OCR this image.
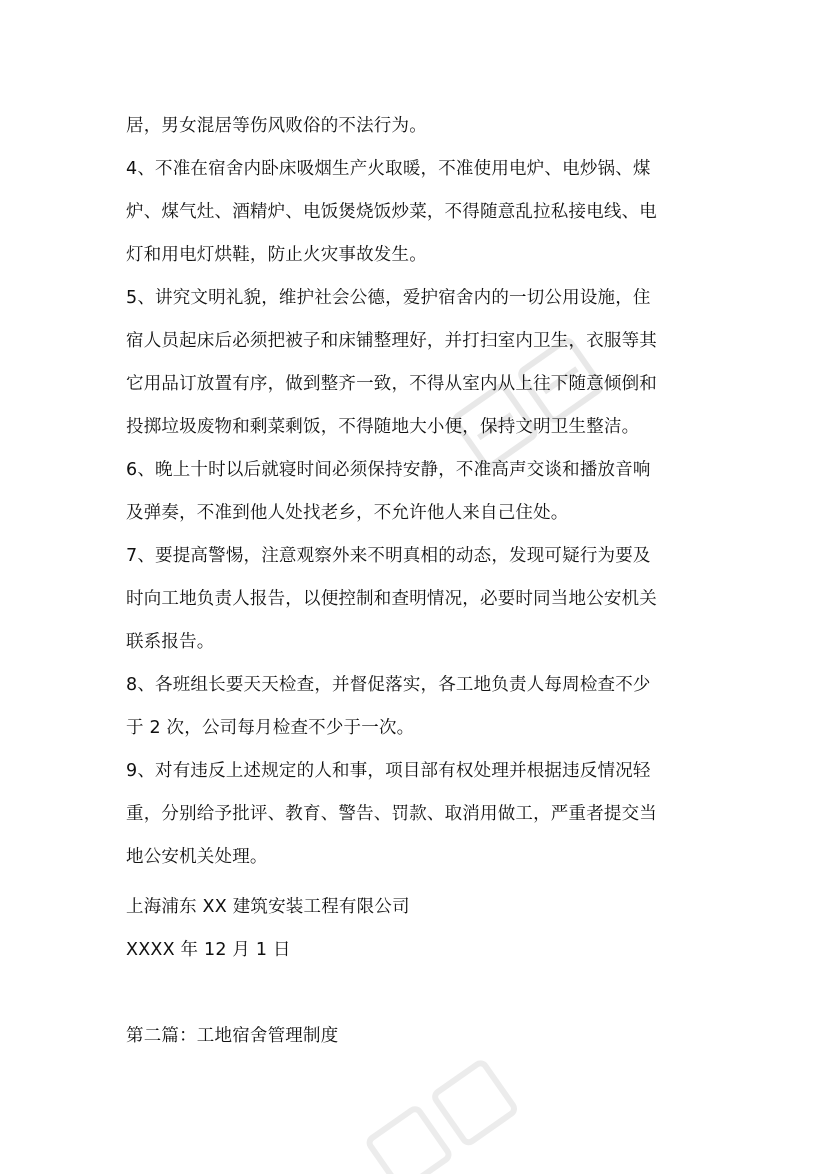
居，男女混居等伤风败俗的不法行为。
4、不准在宿舍内卧床吸烟生产火取暖，不准使用电炉、电炒锅、煤
炉、煤气灶、酒精炉、电饭煲烧饭炒菜，不得随意乱拉私接电线、电
灯和用电灯烘鞋，防止火灾事故发生。
5、讲究文明礼貌，维护社会公德，爱护宿舍内的一切公用设施，住
宿人员起床后必须把被子和床铺整理好，并打扫室内卫生，衣服等其
它用品订放置有序，做到整齐一致，不得从室内从上往下随意倾倒和
投掷垃圾废物和剩菜剩饭，不得随地大小便，保持文明卫生整洁。
6、晚上十时以后就寝时间必须保持安静，不准高声交谈和播放音响
及弹奏，不准到他人处找老乡，不允许他人来自己住处。
7、要提高警惕，注意观察外来不明真相的动态，发现可疑行为要及
时向工地负责人报告，以便控制和查明情况，必要时同当地公安机关
联系报告。
8、各班组长要天天检查，并督促落实，各工地负责人每周检查不少
于 2 次，公司每月检查不少于一次。
9、对有违反上述规定的人和事，项目部有权处理并根据违反情况轻
重，分别给予批评、教育、警告、罚款、取消用做工，严重者提交当
地公安机关处理。
上海浦东 XX 建筑安装工程有限公司
XXXX 年 12 月 1 日
第二篇：工地宿舍管理制度
